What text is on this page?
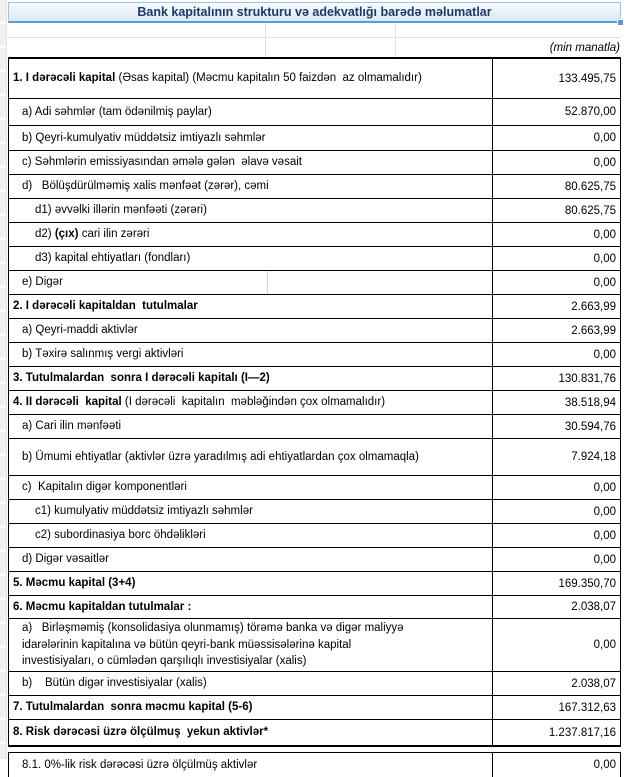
Bank kapitalının strukturu və adekvatlığı barədə məlumatlar
(min manatla)
1. I dərəcəli kapital (Əsas kapital) (Məcmu kapitalın 50 faizdən  az olmamalıdır)	133.495,75
a) Adi səhmlər (tam ödənilmiş paylar)	52.870,00
b) Qeyri-kumulyativ müddətsiz imtiyazlı səhmlər	0,00
c) Səhmlərin emissiyasından əmələ gələn  əlavə vəsait	0,00
d)   Bölüşdürülməmiş xalis mənfəət (zərər), cəmi	80.625,75
d1) əvvəlki illərin mənfəəti (zərəri)	80.625,75
d2) (çıx) cari ilin zərəri	0,00
d3) kapital ehtiyatları (fondları)	0,00
e) Digər	0,00
2. I dərəcəli kapitaldan  tutulmalar	2.663,99
a) Qeyri-maddi aktivlər	2.663,99
b) Təxirə salınmış vergi aktivləri	0,00
3. Tutulmalardan  sonra I dərəcəli kapitalı (I—2)	130.831,76
4. II dərəcəli  kapital (I dərəcəli  kapitalın  məbləğindən çox olmamalıdır)	38.518,94
a) Cari ilin mənfəəti	30.594,76
b) Ümumi ehtiyatlar (aktivlər üzrə yaradılmış adi ehtiyatlardan çox olmamaqla)	7.924,18
c)  Kapitalın digər komponentləri	0,00
c1) kumulyativ müddətsiz imtiyazlı səhmlər	0,00
c2) subordinasiya borc öhdəlikləri	0,00
d) Digər vəsaitlər	0,00
5. Məcmu kapital (3+4)	169.350,70
6. Məcmu kapitaldan tutulmalar :	2.038,07
a)   Birləşməmiş (konsolidasiya olunmamış) törəmə banka və digər maliyyə
idarələrinin kapitalına və bütün qeyri-bank müəssisələrinə kapital
investisiyaları, o cümlədən qarşılıqlı investisiyalar (xalis)
0,00
b)    Bütün digər investisiyalar (xalis)	2.038,07
7. Tutulmalardan  sonra məcmu kapital (5-6)	167.312,63
8. Risk dərəcəsi üzrə ölçülmuş  yekun aktivlər*	1.237.817,16
8.1. 0%-lik risk dərəcəsi üzrə ölçülmüş aktivlər	0,00
